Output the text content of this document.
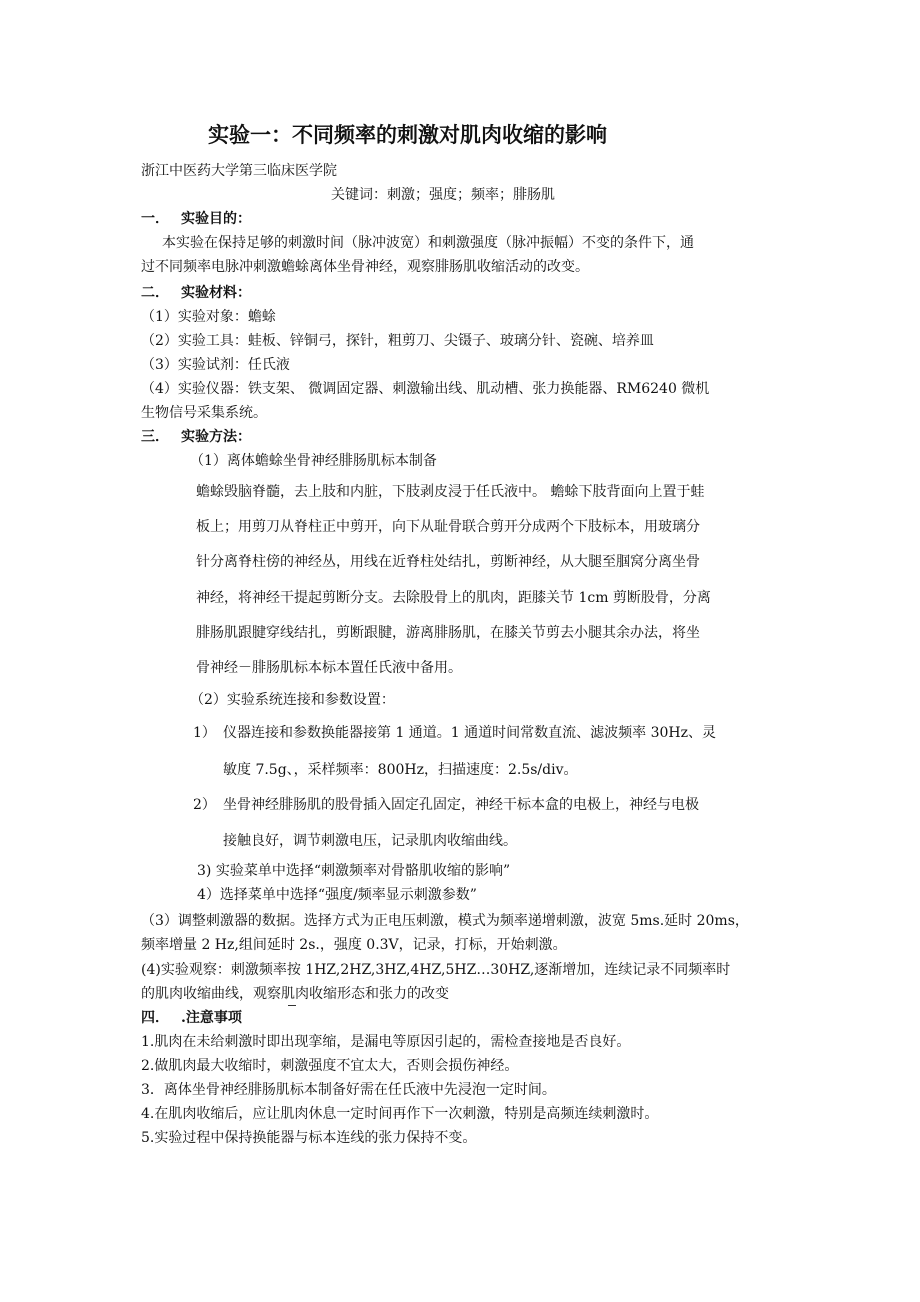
实验一：不同频率的刺激对肌肉收缩的影响
浙江中医药大学第三临床医学院
关键词：刺激；强度；频率；腓肠肌
一． 实验目的：
本实验在保持足够的刺激时间（脉冲波宽）和刺激强度（脉冲振幅）不变的条件下，通
过不同频率电脉冲刺激蟾蜍离体坐骨神经，观察腓肠肌收缩活动的改变。
二． 实验材料：
（1）实验对象：蟾蜍
（2）实验工具：蛙板、锌铜弓，探针，粗剪刀、尖镊子、玻璃分针、瓷碗、培养皿
（3）实验试剂：任氏液
（4）实验仪器：铁支架、 微调固定器、刺激输出线、肌动槽、张力换能器、RM6240 微机
生物信号采集系统。
三． 实验方法：
（1）离体蟾蜍坐骨神经腓肠肌标本制备
蟾蜍毁脑脊髓，去上肢和内脏，下肢剥皮浸于任氏液中。 蟾蜍下肢背面向上置于蛙
板上；用剪刀从脊柱正中剪开，向下从耻骨联合剪开分成两个下肢标本，用玻璃分
针分离脊柱傍的神经丛，用线在近脊柱处结扎，剪断神经，从大腿至腘窝分离坐骨
神经，将神经干提起剪断分支。去除股骨上的肌肉，距膝关节 1cm 剪断股骨，分离
腓肠肌跟腱穿线结扎，剪断跟腱，游离腓肠肌，在膝关节剪去小腿其余办法，将坐
骨神经－腓肠肌标本标本置任氏液中备用。
（2）实验系统连接和参数设置：
1） 仪器连接和参数换能器接第 1 通道。1 通道时间常数直流、滤波频率 30Hz、灵
敏度 7.5g、，采样频率：800Hz，扫描速度：2.5s/div。
2） 坐骨神经腓肠肌的股骨插入固定孔固定，神经干标本盒的电极上，神经与电极
接触良好，调节刺激电压，记录肌肉收缩曲线。
3) 实验菜单中选择“刺激频率对骨骼肌收缩的影响”
4）选择菜单中选择“强度/频率显示刺激参数”
（3）调整刺激器的数据。选择方式为正电压刺激，模式为频率递增刺激，波宽 5ms.延时 20ms，
频率增量 2 Hz,组间延时 2s.，强度 0.3V，记录，打标，开始刺激。
(4)实验观察：刺激频率按 1HZ,2HZ,3HZ,4HZ,5HZ…30HZ,逐渐增加，连续记录不同频率时
的肌肉收缩曲线，观察肌肉收缩形态和张力的改变
四． .注意事项
1.肌肉在未给刺激时即出现挛缩，是漏电等原因引起的，需检查接地是否良好。
2.做肌肉最大收缩时，刺激强度不宜太大，否则会损伤神经。
3．离体坐骨神经腓肠肌标本制备好需在任氏液中先浸泡一定时间。
4.在肌肉收缩后，应让肌肉休息一定时间再作下一次刺激，特别是高频连续刺激时。
5.实验过程中保持换能器与标本连线的张力保持不变。
